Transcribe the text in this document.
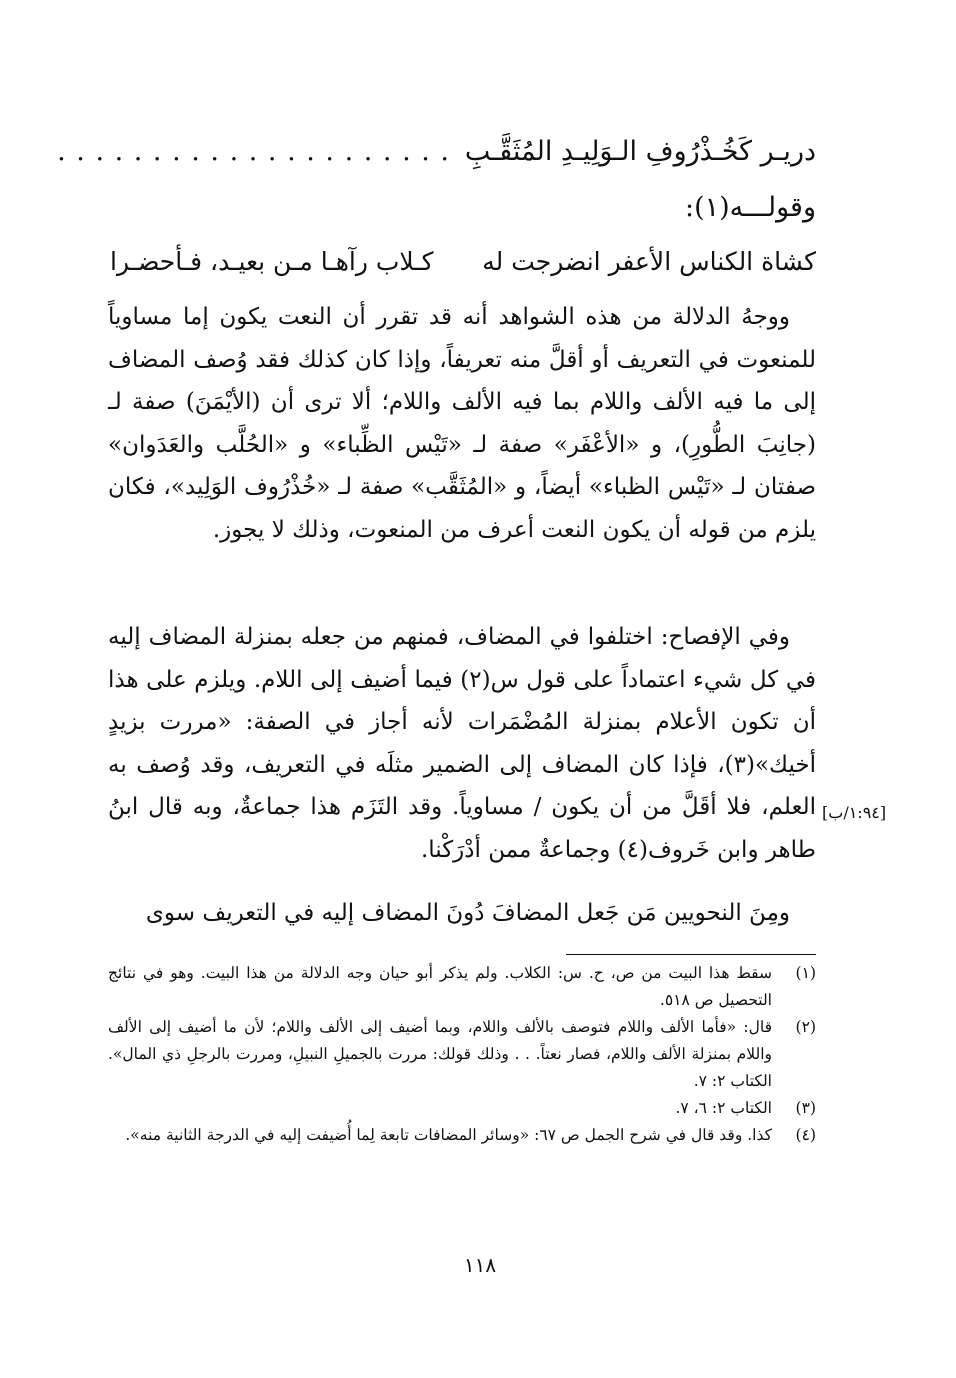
دريـر كَخُـذْرُوفِ الـوَلِيـدِ المُثَقَّـبِ
. . . . . . . . . . . . . . . . . . . . .
وقولـــه(١):
كشاة الكناس الأعفر انضرجت له
كـلاب رآهـا مـن بعيـد، فـأحضـرا

ووجهُ الدلالة من هذه الشواهد أنه قد تقرر أن النعت يكون إما مساوياً للمنعوت في التعريف أو أقلَّ منه تعريفاً، وإذا كان كذلك فقد وُصف المضاف إلى ما فيه الألف واللام بما فيه الألف واللام؛ ألا ترى أن (الأيْمَنَ) صفة لـ (جانِبَ الطُّورِ)، و «الأعْفَر» صفة لـ «تَيْس الظِّباء» و «الحُلَّب والعَدَوان» صفتان لـ «تَيْس الظباء» أيضاً، و «المُثَقَّب» صفة لـ «خُذْرُوف الوَلِيد»، فكان يلزم من قوله أن يكون النعت أعرف من المنعوت، وذلك لا يجوز.

وفي الإفصاح: اختلفوا في المضاف، فمنهم من جعله بمنزلة المضاف إليه في كل شيء اعتماداً على قول س(٢) فيما أضيف إلى اللام. ويلزم على هذا أن تكون الأعلام بمنزلة المُضْمَرات لأنه أجاز في الصفة: «مررت بزيدٍ أخيك»(٣)، فإذا كان المضاف إلى الضمير مثلَه في التعريف، وقد وُصف به العلم، فلا أقَلَّ من أن يكون / مساوياً. وقد التَزَم هذا جماعةٌ، وبه قال ابنُ طاهر وابن خَروف(٤) وجماعةٌ ممن أدْرَكْنا.

[١:٩٤/ب]

ومِنَ النحويين مَن جَعل المضافَ دُونَ المضاف إليه في التعريف سوى

(١)
سقط هذا البيت من ص، ح. س: الكلاب. ولم يذكر أبو حيان وجه الدلالة من هذا البيت. وهو في نتائج التحصيل ص ٥١٨.
(٢)
قال: «فأما الألف واللام فتوصف بالألف واللام، وبما أضيف إلى الألف واللام؛ لأن ما أضيف إلى الألف واللام بمنزلة الألف واللام، فصار نعتاً. . . وذلك قولك: مررت بالجميلِ النبيلِ، ومررت بالرجلِ ذي المال». الكتاب ٢: ٧.
(٣)
الكتاب ٢: ٦، ٧.
(٤)
كذا. وقد قال في شرح الجمل ص ٦٧: «وسائر المضافات تابعة لِما أُضيفت إليه في الدرجة الثانية منه».
١١٨
